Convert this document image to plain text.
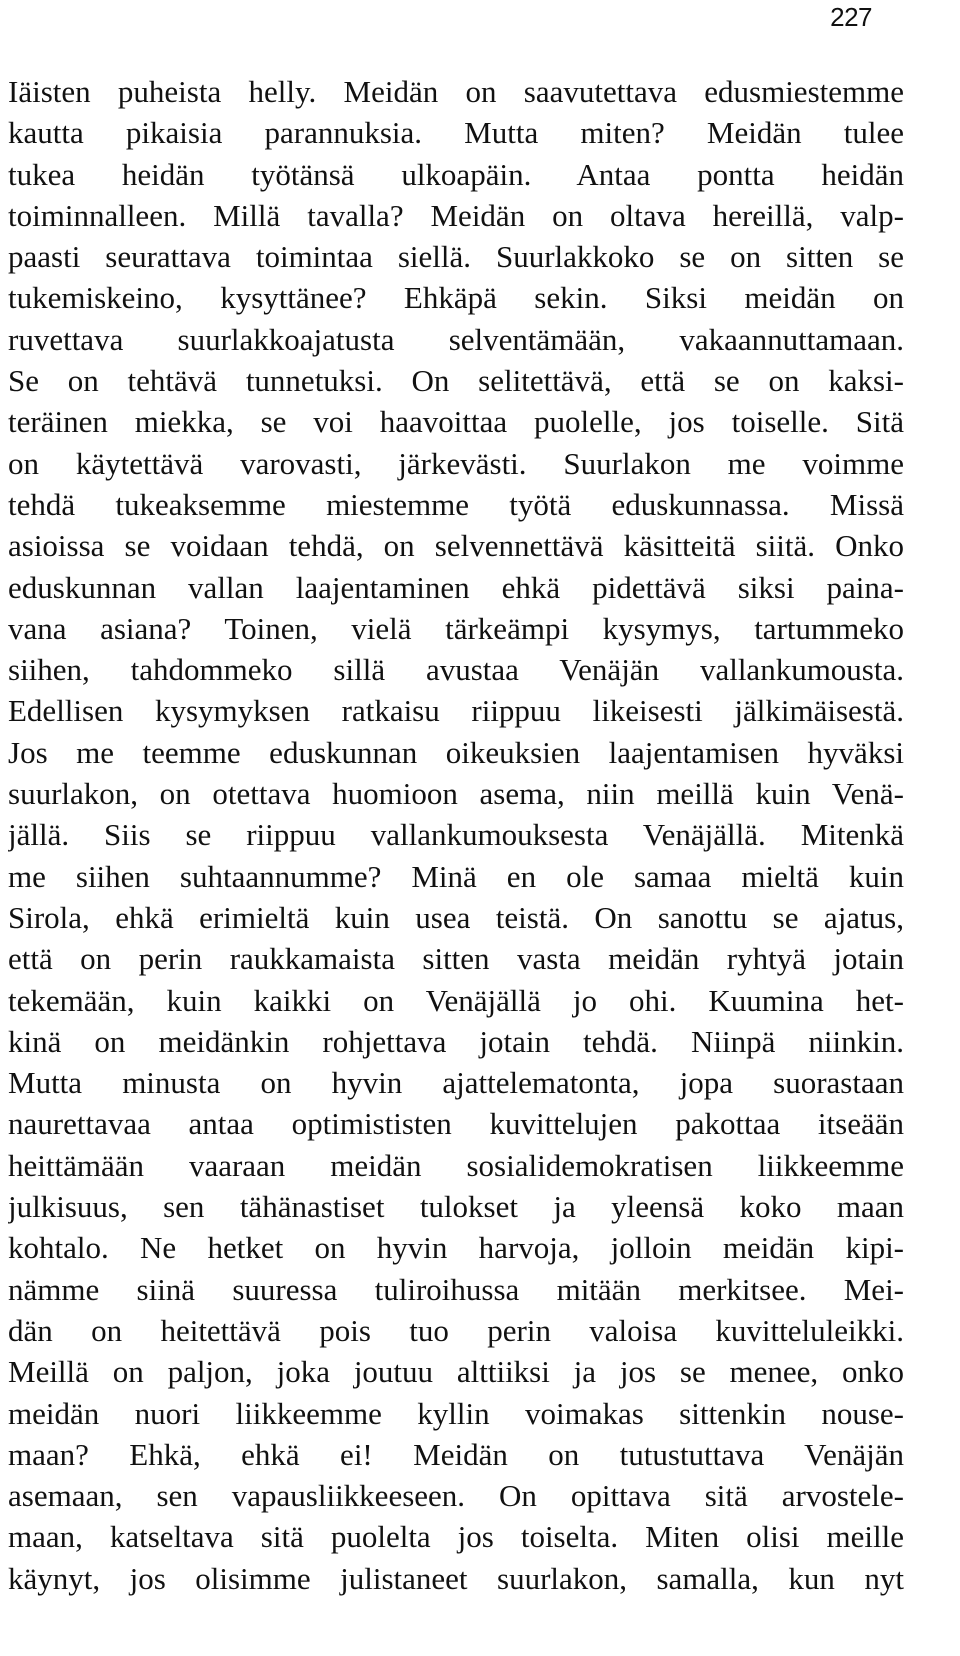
227
Iäisten puheista helly. Meidän on saavutettava edusmiestemme
kautta pikaisia parannuksia. Mutta miten? Meidän tulee
tukea heidän työtänsä ulkoapäin. Antaa pontta heidän
toiminnalleen. Millä tavalla? Meidän on oltava hereillä, valp-
paasti seurattava toimintaa siellä. Suurlakkoko se on sitten se
tukemiskeino, kysyttänee? Ehkäpä sekin. Siksi meidän on
ruvettava suurlakkoajatusta selventämään, vakaannuttamaan.
Se on tehtävä tunnetuksi. On selitettävä, että se on kaksi-
teräinen miekka, se voi haavoittaa puolelle, jos toiselle. Sitä
on käytettävä varovasti, järkevästi. Suurlakon me voimme
tehdä tukeaksemme miestemme työtä eduskunnassa. Missä
asioissa se voidaan tehdä, on selvennettävä käsitteitä siitä. Onko
eduskunnan vallan laajentaminen ehkä pidettävä siksi paina-
vana asiana? Toinen, vielä tärkeämpi kysymys, tartummeko
siihen, tahdommeko sillä avustaa Venäjän vallankumousta.
Edellisen kysymyksen ratkaisu riippuu likeisesti jälkimäisestä.
Jos me teemme eduskunnan oikeuksien laajentamisen hyväksi
suurlakon, on otettava huomioon asema, niin meillä kuin Venä-
jällä. Siis se riippuu vallankumouksesta Venäjällä. Mitenkä
me siihen suhtaannumme? Minä en ole samaa mieltä kuin
Sirola, ehkä erimieltä kuin usea teistä. On sanottu se ajatus,
että on perin raukkamaista sitten vasta meidän ryhtyä jotain
tekemään, kuin kaikki on Venäjällä jo ohi. Kuumina het-
kinä on meidänkin rohjettava jotain tehdä. Niinpä niinkin.
Mutta minusta on hyvin ajattelematonta, jopa suorastaan
naurettavaa antaa optimististen kuvittelujen pakottaa itseään
heittämään vaaraan meidän sosialidemokratisen liikkeemme
julkisuus, sen tähänastiset tulokset ja yleensä koko maan
kohtalo. Ne hetket on hyvin harvoja, jolloin meidän kipi-
nämme siinä suuressa tuliroihussa mitään merkitsee. Mei-
dän on heitettävä pois tuo perin valoisa kuvitteluleikki.
Meillä on paljon, joka joutuu alttiiksi ja jos se menee, onko
meidän nuori liikkeemme kyllin voimakas sittenkin nouse-
maan? Ehkä, ehkä ei! Meidän on tutustuttava Venäjän
asemaan, sen vapausliikkeeseen. On opittava sitä arvostele-
maan, katseltava sitä puolelta jos toiselta. Miten olisi meille
käynyt, jos olisimme julistaneet suurlakon, samalla, kun nyt
